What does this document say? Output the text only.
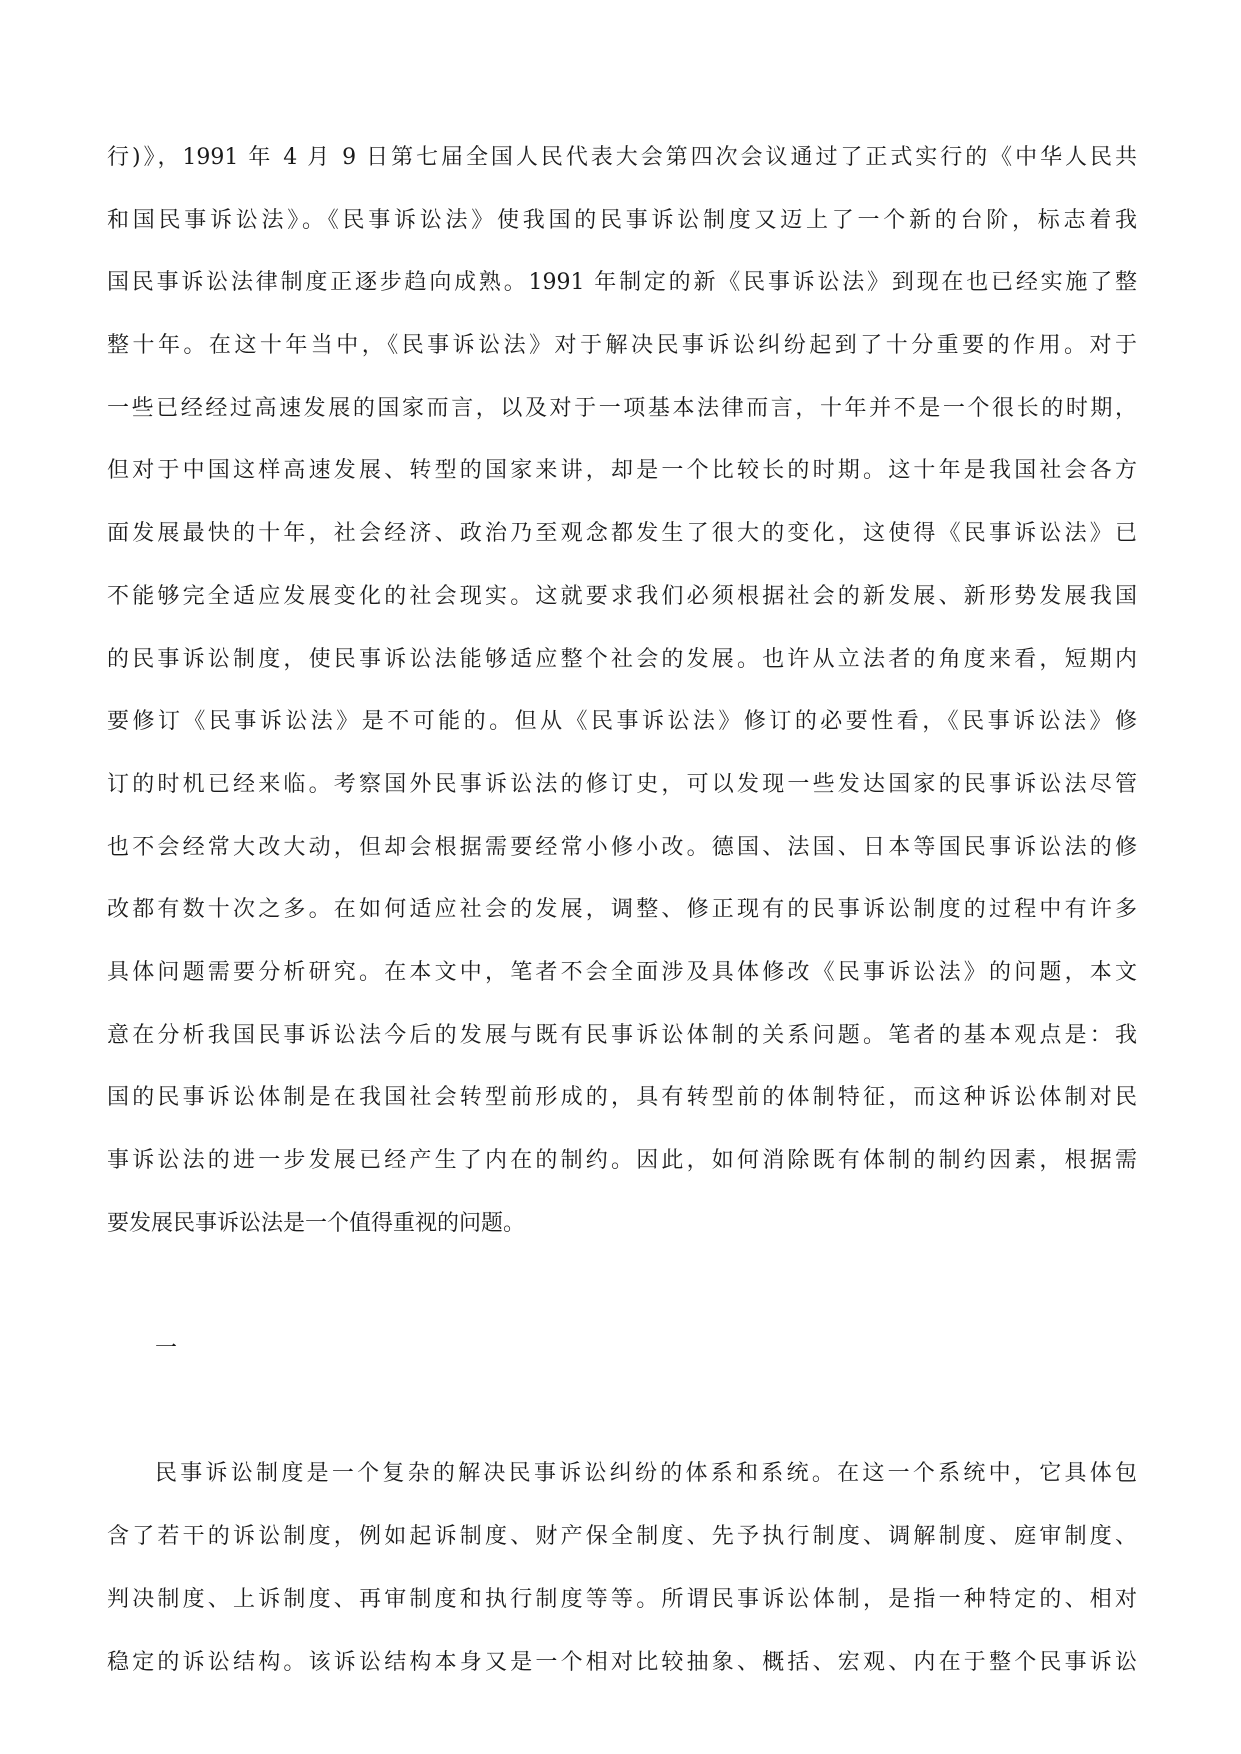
行)》，1991 年 4 月 9 日第七届全国人民代表大会第四次会议通过了正式实行的《中华人民共
和国民事诉讼法》。《民事诉讼法》使我国的民事诉讼制度又迈上了一个新的台阶，标志着我
国民事诉讼法律制度正逐步趋向成熟。1991 年制定的新《民事诉讼法》到现在也已经实施了整
整十年。在这十年当中，《民事诉讼法》对于解决民事诉讼纠纷起到了十分重要的作用。对于
一些已经经过高速发展的国家而言，以及对于一项基本法律而言，十年并不是一个很长的时期，
但对于中国这样高速发展、转型的国家来讲，却是一个比较长的时期。这十年是我国社会各方
面发展最快的十年，社会经济、政治乃至观念都发生了很大的变化，这使得《民事诉讼法》已
不能够完全适应发展变化的社会现实。这就要求我们必须根据社会的新发展、新形势发展我国
的民事诉讼制度，使民事诉讼法能够适应整个社会的发展。也许从立法者的角度来看，短期内
要修订《民事诉讼法》是不可能的。但从《民事诉讼法》修订的必要性看，《民事诉讼法》修
订的时机已经来临。考察国外民事诉讼法的修订史，可以发现一些发达国家的民事诉讼法尽管
也不会经常大改大动，但却会根据需要经常小修小改。德国、法国、日本等国民事诉讼法的修
改都有数十次之多。在如何适应社会的发展，调整、修正现有的民事诉讼制度的过程中有许多
具体问题需要分析研究。在本文中，笔者不会全面涉及具体修改《民事诉讼法》的问题，本文
意在分析我国民事诉讼法今后的发展与既有民事诉讼体制的关系问题。笔者的基本观点是：我
国的民事诉讼体制是在我国社会转型前形成的，具有转型前的体制特征，而这种诉讼体制对民
事诉讼法的进一步发展已经产生了内在的制约。因此，如何消除既有体制的制约因素，根据需
要发展民事诉讼法是一个值得重视的问题。
一
民事诉讼制度是一个复杂的解决民事诉讼纠纷的体系和系统。在这一个系统中，它具体包
含了若干的诉讼制度，例如起诉制度、财产保全制度、先予执行制度、调解制度、庭审制度、
判决制度、上诉制度、再审制度和执行制度等等。所谓民事诉讼体制，是指一种特定的、相对
稳定的诉讼结构。该诉讼结构本身又是一个相对比较抽象、概括、宏观、内在于整个民事诉讼
